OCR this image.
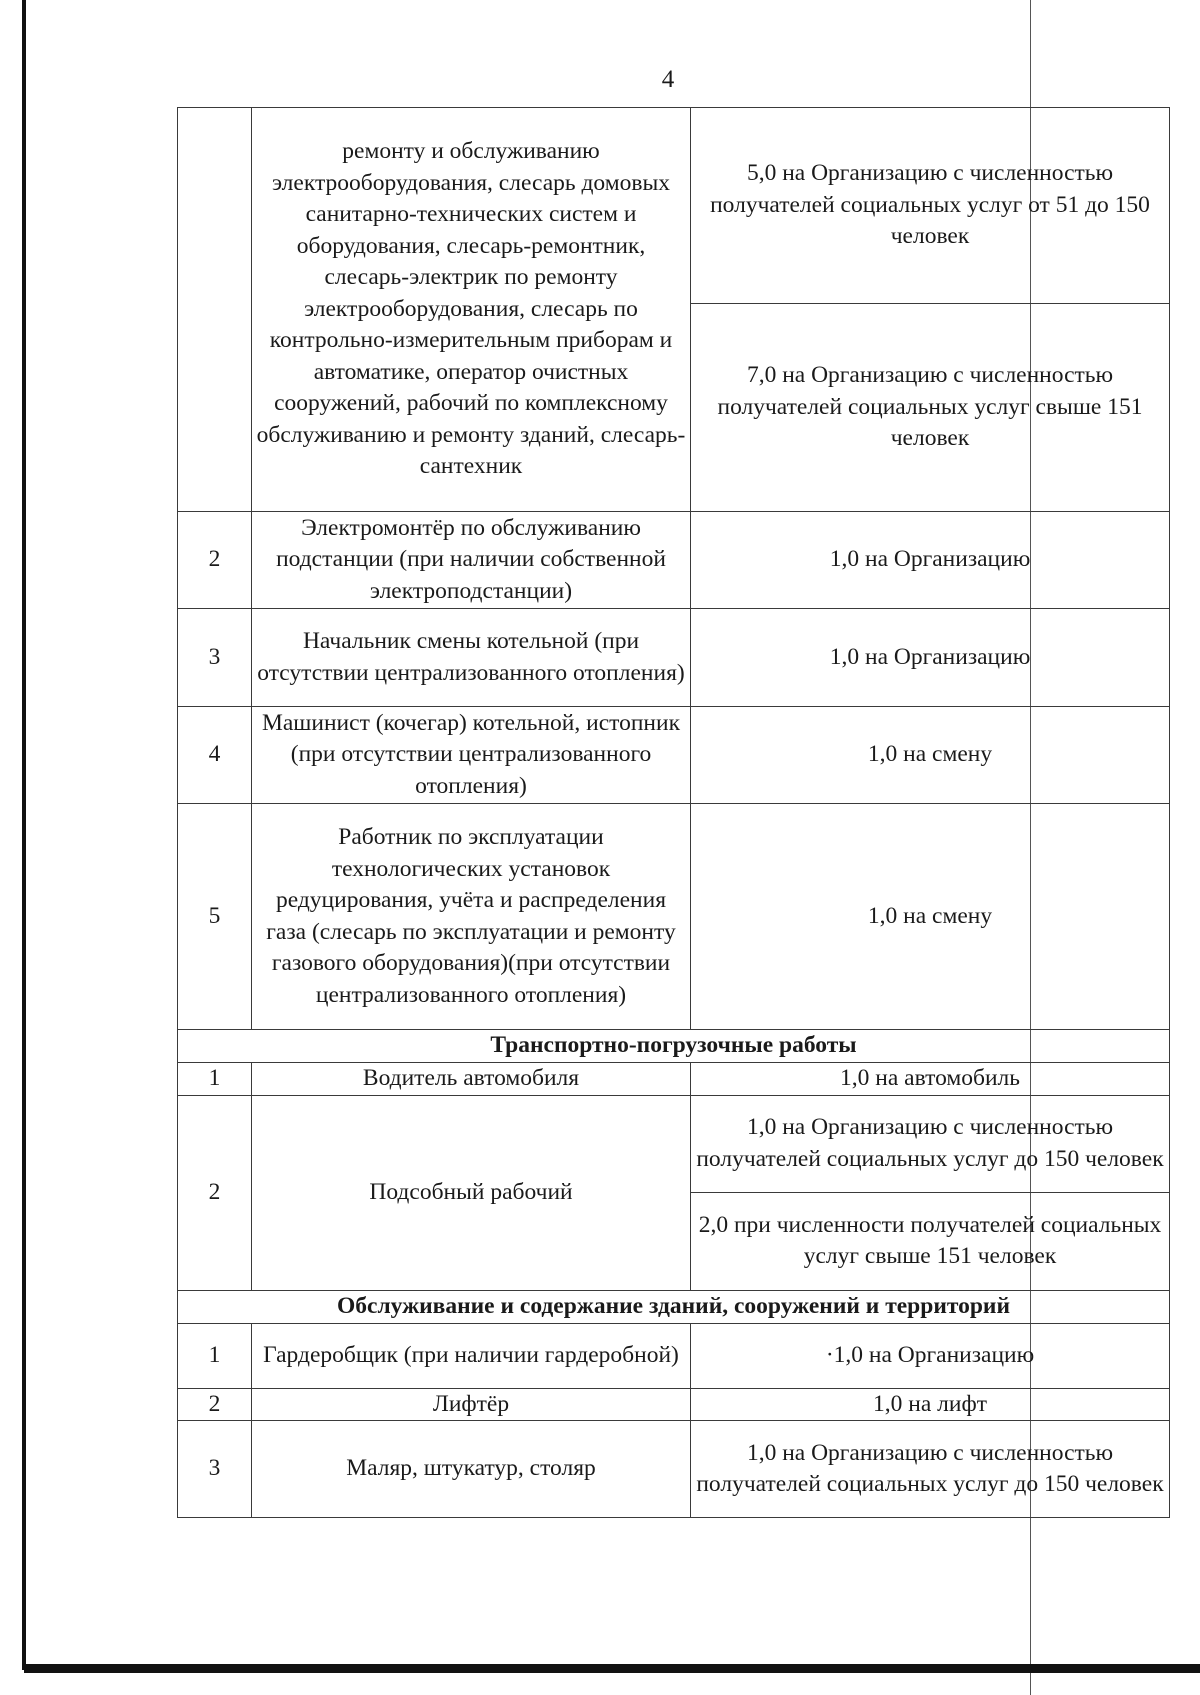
4
	ремонту и обслуживанию электрооборудования, слесарь домовых санитарно-технических систем и оборудования, слесарь-ремонтник, слесарь-электрик по ремонту электрооборудования, слесарь по контрольно-измерительным приборам и автоматике, оператор очистных сооружений, рабочий по комплексному обслуживанию и ремонту зданий, слесарь-сантехник	5,0 на Организацию с численностью получателей социальных услуг от 51 до 150 человек
		7,0 на Организацию с численностью получателей социальных услуг свыше 151 человек
2	Электромонтёр по обслуживанию подстанции (при наличии собственной электроподстанции)	1,0 на Организацию
3	Начальник смены котельной (при отсутствии централизованного отопления)	1,0 на Организацию
4	Машинист (кочегар) котельной, истопник (при отсутствии централизованного отопления)	1,0 на смену
5	Работник по эксплуатации технологических установок редуцирования, учёта и распределения газа (слесарь по эксплуатации и ремонту газового оборудования)(при отсутствии централизованного отопления)	1,0 на смену
Транспортно-погрузочные работы		
1	Водитель автомобиля	1,0 на автомобиль
2	Подсобный рабочий	1,0 на Организацию с численностью получателей социальных услуг до 150 человек
		2,0 при численности получателей социальных услуг свыше 151 человек
Обслуживание и содержание зданий, сооружений и территорий		
1	Гардеробщик (при наличии гардеробной)	·1,0 на Организацию
2	Лифтёр	1,0 на лифт
3	Маляр, штукатур, столяр	1,0 на Организацию с численностью получателей социальных услуг до 150 человек
